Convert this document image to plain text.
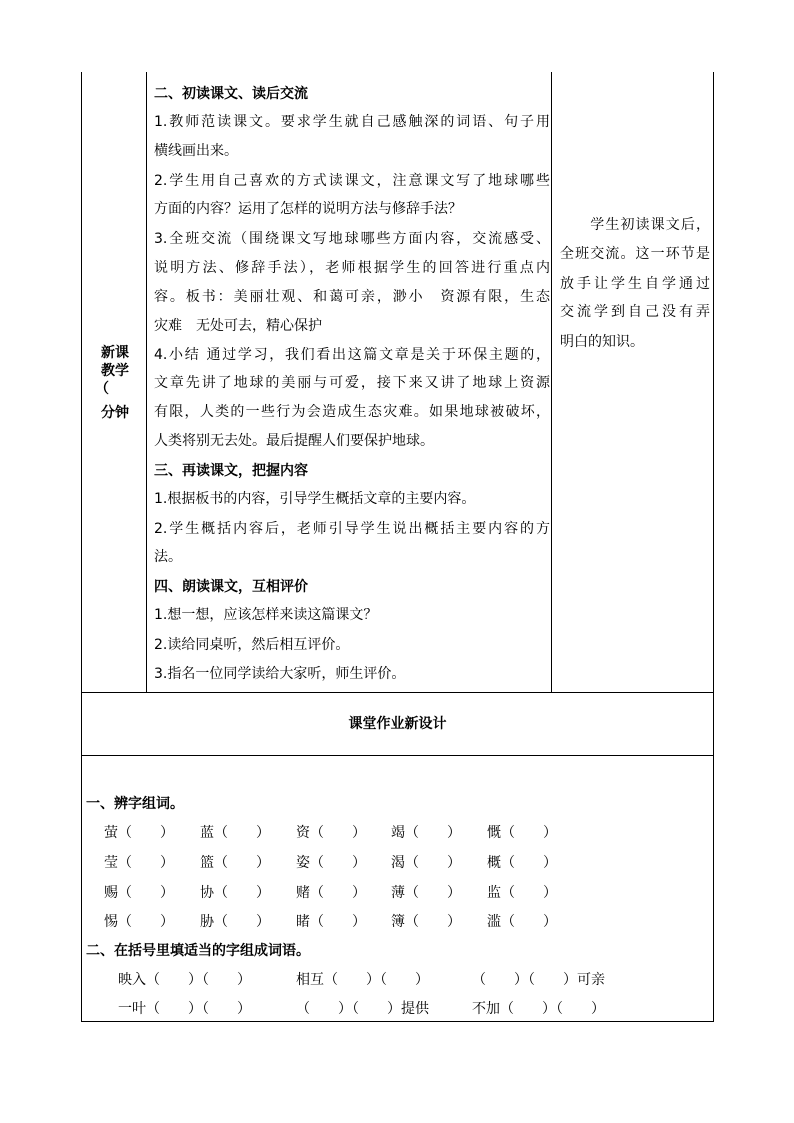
新课
教学
（
分钟
二、初读课文、读后交流
1.教师范读课文。要求学生就自己感触深的词语、句子用
横线画出来。
2.学生用自己喜欢的方式读课文，注意课文写了地球哪些
方面的内容？运用了怎样的说明方法与修辞手法？
3.全班交流（围绕课文写地球哪些方面内容，交流感受、
说明方法、修辞手法），老师根据学生的回答进行重点内
容。板书：美丽壮观、和蔼可亲，渺小　资源有限，生态
灾难　无处可去，精心保护
4.小结 通过学习，我们看出这篇文章是关于环保主题的，
文章先讲了地球的美丽与可爱，接下来又讲了地球上资源
有限，人类的一些行为会造成生态灾难。如果地球被破坏，
人类将别无去处。最后提醒人们要保护地球。
三、再读课文，把握内容
1.根据板书的内容，引导学生概括文章的主要内容。
2.学生概括内容后，老师引导学生说出概括主要内容的方
法。
四、朗读课文，互相评价
1.想一想，应该怎样来读这篇课文？
2.读给同桌听，然后相互评价。
3.指名一位同学读给大家听，师生评价。
　　学生初读课文后，
全班交流。这一环节是
放手让学生自学通过
交流学到自己没有弄
明白的知识。
课堂作业新设计
一、辨字组词。
萤（　　） 蓝（　　） 资（　　） 竭（　　） 慨（　　）
莹（　　） 篮（　　） 姿（　　） 渴（　　） 概（　　）
赐（　　） 协（　　） 赌（　　） 薄（　　） 监（　　）
惕（　　） 胁（　　） 睹（　　） 簿（　　） 滥（　　）
二、在括号里填适当的字组成词语。
映入（　　）（　　）	相互（　　）（　　）	（　　）（　　）可亲
一叶（　　）（　　）	（　　）（　　）提供	不加（　　）（　　）
